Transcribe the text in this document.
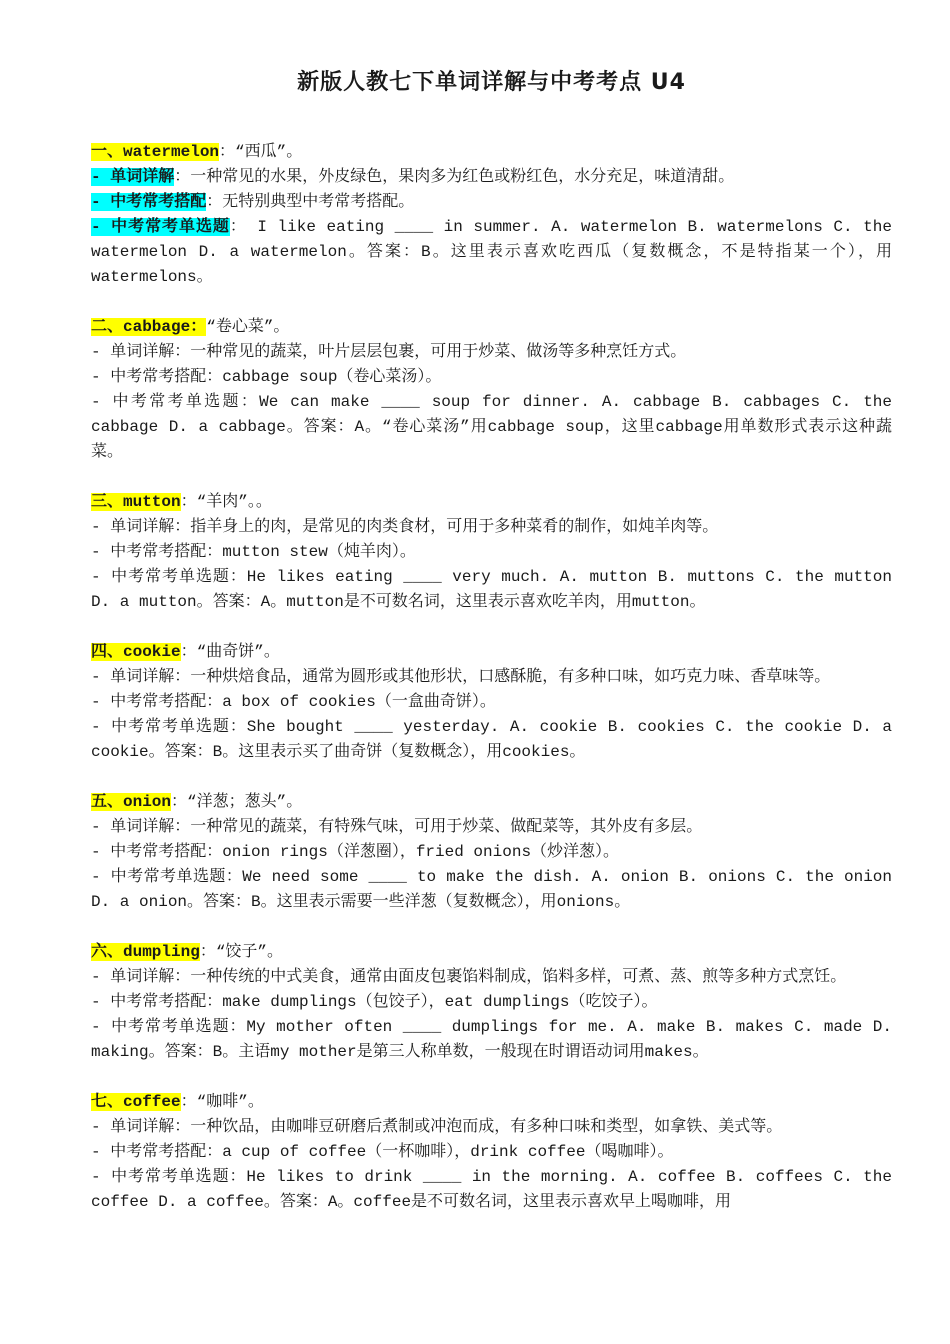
新版人教七下单词详解与中考考点 U4

一、watermelon：“西瓜”。

- 单词详解：一种常见的水果，外皮绿色，果肉多为红色或粉红色，水分充足，味道清甜。

- 中考常考搭配：无特别典型中考常考搭配。

- 中考常考单选题： I like eating ____ in summer. A. watermelon B. watermelons C. the watermelon D. a watermelon。答案：B。这里表示喜欢吃西瓜（复数概念，不是特指某一个），用watermelons。

二、cabbage：“卷心菜”。

- 单词详解：一种常见的蔬菜，叶片层层包裹，可用于炒菜、做汤等多种烹饪方式。

- 中考常考搭配：cabbage soup（卷心菜汤）。

- 中考常考单选题：We can make ____ soup for dinner. A. cabbage B. cabbages C. the cabbage D. a cabbage。答案：A。“卷心菜汤”用cabbage soup，这里cabbage用单数形式表示这种蔬菜。

三、mutton：“羊肉”。。

- 单词详解：指羊身上的肉，是常见的肉类食材，可用于多种菜肴的制作，如炖羊肉等。

- 中考常考搭配：mutton stew（炖羊肉）。

- 中考常考单选题：He likes eating ____ very much. A. mutton B. muttons C. the mutton D. a mutton。答案：A。mutton是不可数名词，这里表示喜欢吃羊肉，用mutton。

四、cookie：“曲奇饼”。

- 单词详解：一种烘焙食品，通常为圆形或其他形状，口感酥脆，有多种口味，如巧克力味、香草味等。

- 中考常考搭配：a box of cookies（一盒曲奇饼）。

- 中考常考单选题：She bought ____ yesterday. A. cookie B. cookies C. the cookie D. a cookie。答案：B。这里表示买了曲奇饼（复数概念），用cookies。

五、onion：“洋葱；葱头”。

- 单词详解：一种常见的蔬菜，有特殊气味，可用于炒菜、做配菜等，其外皮有多层。

- 中考常考搭配：onion rings（洋葱圈），fried onions（炒洋葱）。

- 中考常考单选题：We need some ____ to make the dish. A. onion B. onions C. the onion D. a onion。答案：B。这里表示需要一些洋葱（复数概念），用onions。

六、dumpling：“饺子”。

- 单词详解：一种传统的中式美食，通常由面皮包裹馅料制成，馅料多样，可煮、蒸、煎等多种方式烹饪。

- 中考常考搭配：make dumplings（包饺子），eat dumplings（吃饺子）。

- 中考常考单选题：My mother often ____ dumplings for me. A. make B. makes C. made D. making。答案：B。主语my mother是第三人称单数，一般现在时谓语动词用makes。

七、coffee：“咖啡”。

- 单词详解：一种饮品，由咖啡豆研磨后煮制或冲泡而成，有多种口味和类型，如拿铁、美式等。

- 中考常考搭配：a cup of coffee（一杯咖啡），drink coffee（喝咖啡）。

- 中考常考单选题：He likes to drink ____ in the morning. A. coffee B. coffees C. the coffee D. a coffee。答案：A。coffee是不可数名词，这里表示喜欢早上喝咖啡，用
